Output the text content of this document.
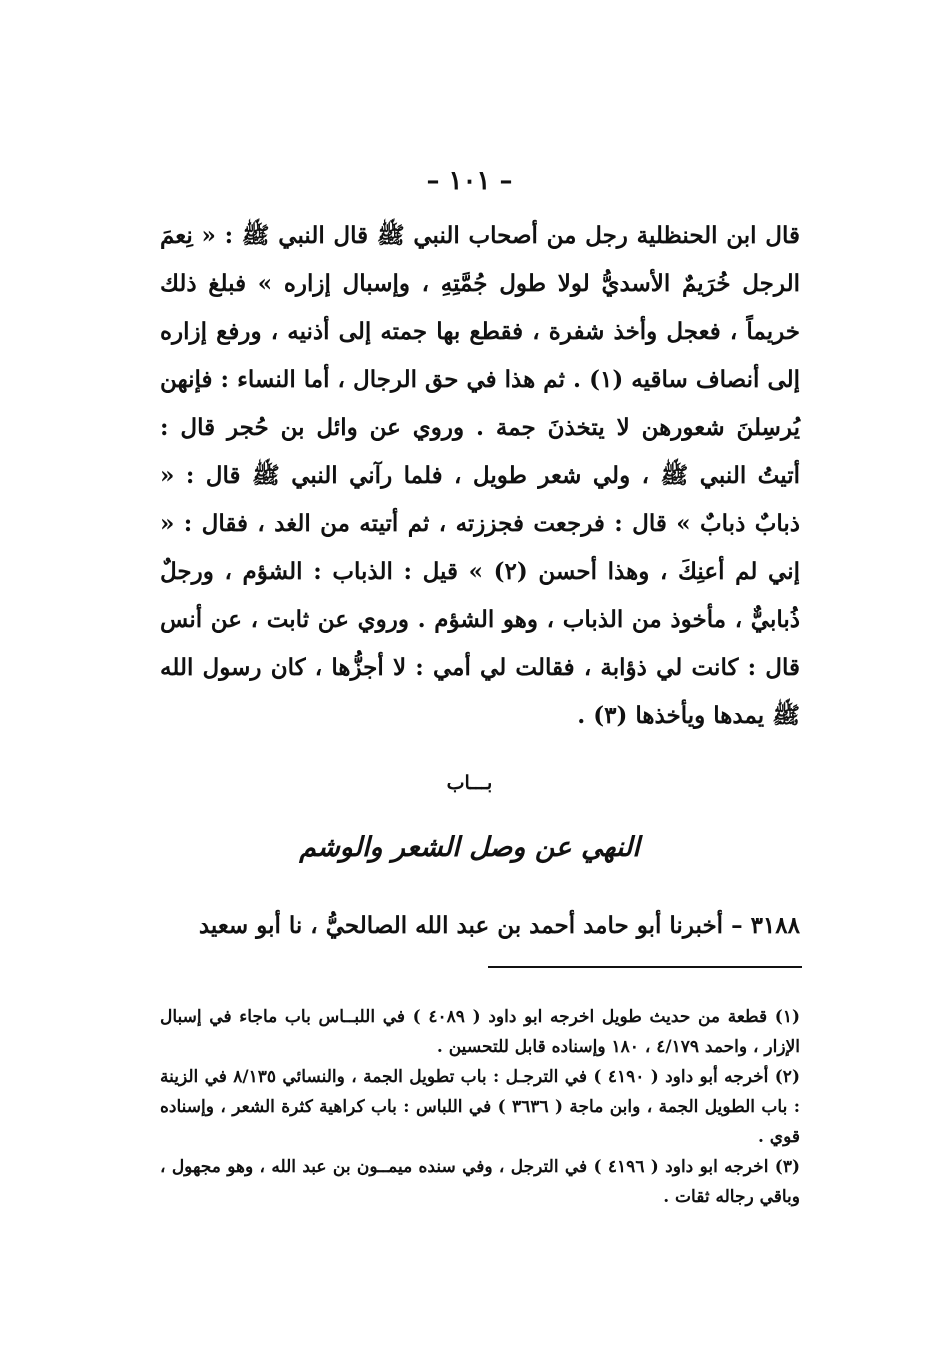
– ١٠١ –

قال ابن الحنظلية رجل من أصحاب النبي ﷺ قال النبي ﷺ : « نِعمَ الرجل خُرَيمٌ الأسديُّ لولا طول جُمَّتِهِ ، وإسبال إزاره » فبلغ ذلك خريماً ، فعجل وأخذ شفرة ، فقطع بها جمته إلى أذنيه ، ورفع إزاره إلى أنصاف ساقيه (١) . ثم هذا في حق الرجال ، أما النساء : فإنهن يُرسِلنَ شعورهن لا يتخذنَ جمة . وروي عن وائل بن حُجر قال : أتيتُ النبي ﷺ ، ولي شعر طويل ، فلما رآني النبي ﷺ قال : « ذبابٌ ذبابٌ » قال : فرجعت فجززته ، ثم أتيته من الغد ، فقال : « إني لم أعنِكَ ، وهذا أحسن (٢) » قيل : الذباب : الشؤم ، ورجلٌ ذُبابيٌّ ، مأخوذ من الذباب ، وهو الشؤم . وروي عن ثابت ، عن أنس قال : كانت لي ذؤابة ، فقالت لي أمي : لا أجزُّها ، كان رسول الله ﷺ يمدها ويأخذها (٣) .

بـــاب
النهي عن وصل الشعر والوشم
٣١٨٨ – أخبرنا أبو حامد أحمد بن عبد الله الصالحيُّ ، نا أبو سعيد

(١) قطعة من حديث طويل اخرجه ابو داود ( ٤٠٨٩ ) في اللبــاس باب ماجاء في إسبال الإزار ، واحمد ٤/١٧٩ ، ١٨٠ وإسناده قابل للتحسين .

(٢) أخرجه أبو داود ( ٤١٩٠ ) في الترجـل : باب تطويل الجمة ، والنسائي ٨/١٣٥ في الزينة : باب الطويل الجمة ، وابن ماجة ( ٣٦٣٦ ) في اللباس : باب كراهية كثرة الشعر ، وإسناده قوي .

(٣) اخرجه ابو داود ( ٤١٩٦ ) في الترجل ، وفي سنده ميمــون بن عبد الله ، وهو مجهول ، وباقي رجاله ثقات .
